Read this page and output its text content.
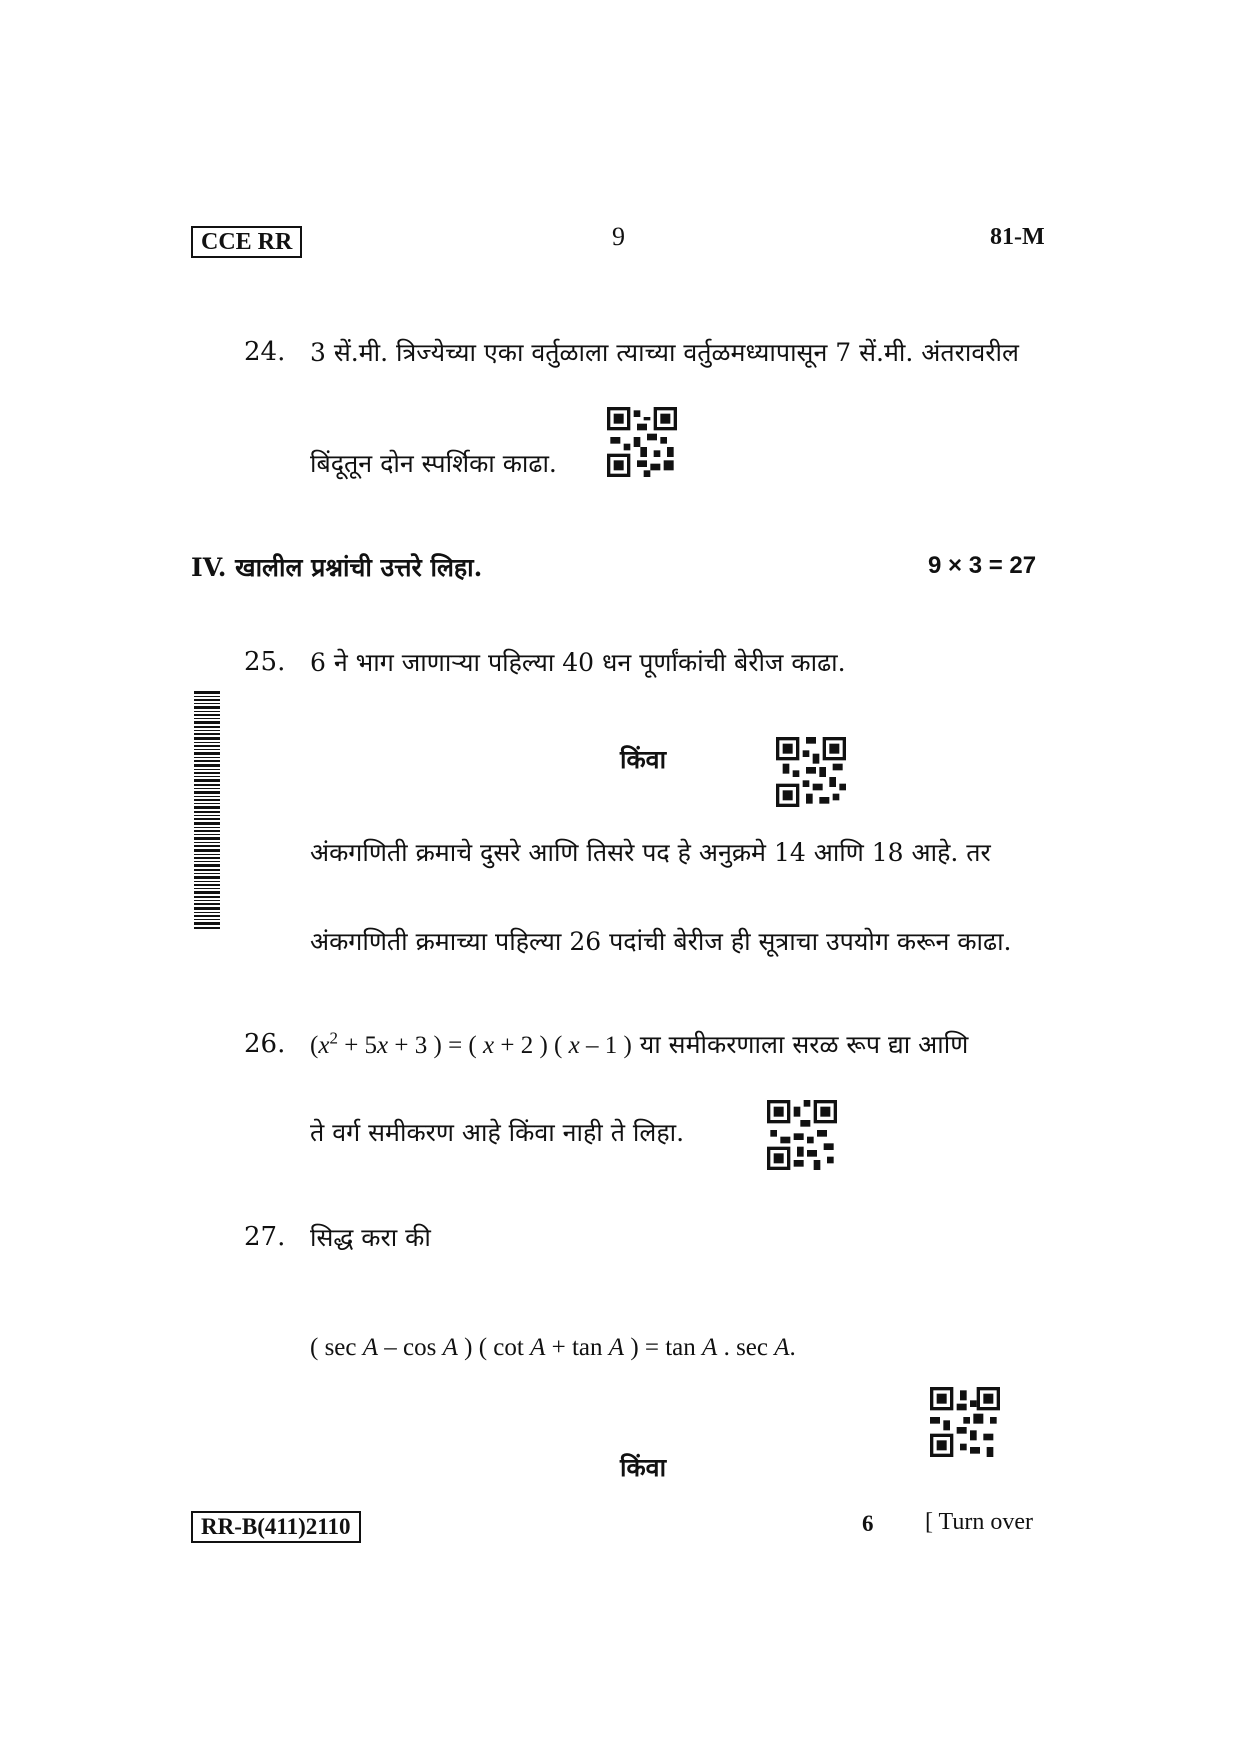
CCE RR	9	81-M
24. 3 सें.मी. त्रिज्येच्या एका वर्तुळाला त्याच्या वर्तुळमध्यापासून 7 सें.मी. अंतरावरील
बिंदूतून दोन स्पर्शिका काढा.
IV. खालील प्रश्नांची उत्तरे लिहा.	9 × 3 = 27
25. 6 ने भाग जाणाऱ्या पहिल्या 40 धन पूर्णांकांची बेरीज काढा.
किंवा
अंकगणिती क्रमाचे दुसरे आणि तिसरे पद हे अनुक्रमे 14 आणि 18 आहे. तर
अंकगणिती क्रमाच्या पहिल्या 26 पदांची बेरीज ही सूत्राचा उपयोग करून काढा.
26. ($x^2 + 5x + 3$ ) = ( x + 2 ) ( x – 1 ) या समीकरणाला सरळ रूप द्या आणि
ते वर्ग समीकरण आहे किंवा नाही ते लिहा.
27. सिद्ध करा की
( sec A – cos A ) ( cot A + tan A ) = tan A . sec A.
किंवा
RR-B(411)2110	6 [ Turn over
